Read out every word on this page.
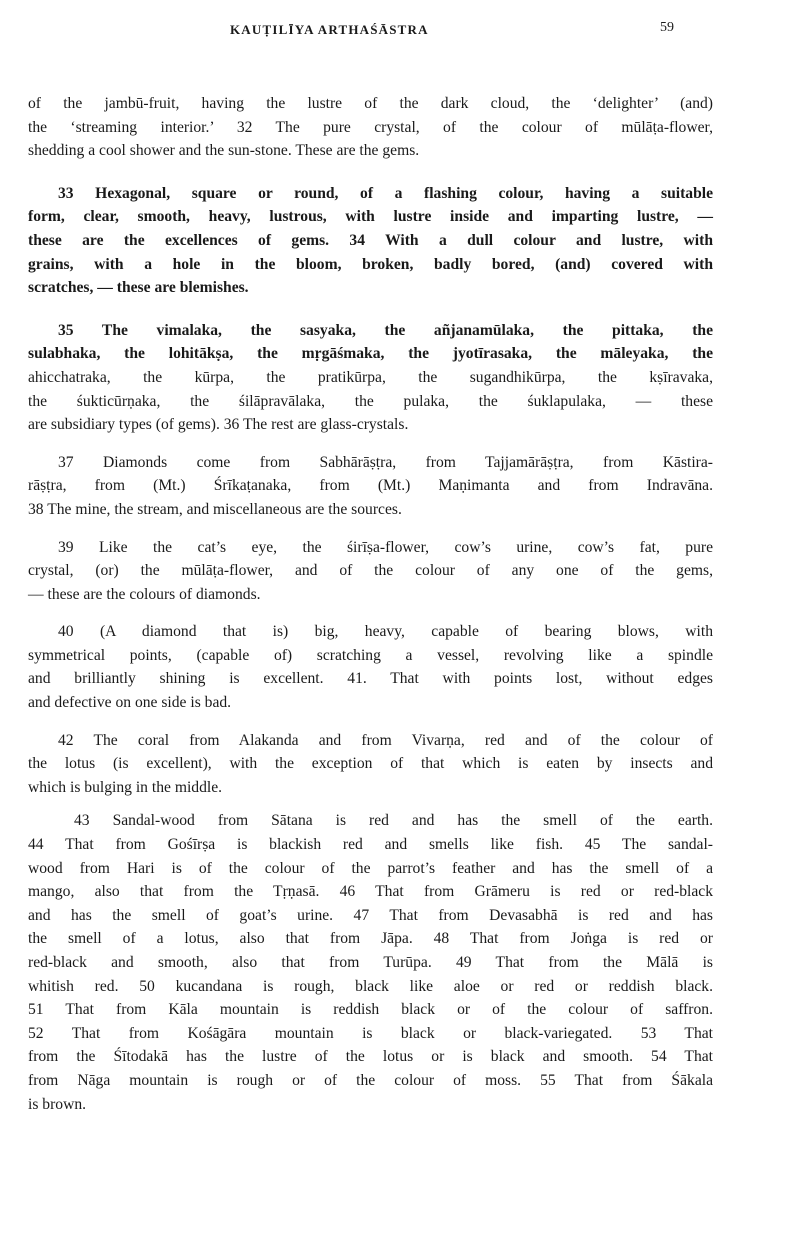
KAUṬILĪYA ARTHAŚĀSTRA	59
of the jambū-fruit, having the lustre of the dark cloud, the ‘delighter’ (and)
the ‘streaming interior.’ 32 The pure crystal, of the colour of mūlāṭa-flower,
shedding a cool shower and the sun-stone. These are the gems.
33 Hexagonal, square or round, of a flashing colour, having a suitable
form, clear, smooth, heavy, lustrous, with lustre inside and imparting lustre, —
these are the excellences of gems. 34 With a dull colour and lustre, with
grains, with a hole in the bloom, broken, badly bored, (and) covered with
scratches, — these are blemishes.
35 The vimalaka, the sasyaka, the añjanamūlaka, the pittaka, the
sulabhaka, the lohitākṣa, the mṛgāśmaka, the jyotīrasaka, the māleyaka, the
ahicchatraka, the kūrpa, the pratikūrpa, the sugandhikūrpa, the kṣīravaka,
the śukticūrṇaka, the śilāpravālaka, the pulaka, the śuklapulaka, — these
are subsidiary types (of gems). 36 The rest are glass-crystals.
37 Diamonds come from Sabhārāṣṭra, from Tajjamārāṣṭra, from Kāstira-
rāṣṭra, from (Mt.) Śrīkaṭanaka, from (Mt.) Maṇimanta and from Indravāna.
38 The mine, the stream, and miscellaneous are the sources.
39 Like the cat’s eye, the śirīṣa-flower, cow’s urine, cow’s fat, pure
crystal, (or) the mūlāṭa-flower, and of the colour of any one of the gems,
— these are the colours of diamonds.
40 (A diamond that is) big, heavy, capable of bearing blows, with
symmetrical points, (capable of) scratching a vessel, revolving like a spindle
and brilliantly shining is excellent. 41. That with points lost, without edges
and defective on one side is bad.
42 The coral from Alakanda and from Vivarṇa, red and of the colour of
the lotus (is excellent), with the exception of that which is eaten by insects and
which is bulging in the middle.
43 Sandal-wood from Sātana is red and has the smell of the earth.
44 That from Gośīrṣa is blackish red and smells like fish. 45 The sandal-
wood from Hari is of the colour of the parrot’s feather and has the smell of a
mango, also that from the Tṛṇasā. 46 That from Grāmeru is red or red-black
and has the smell of goat’s urine. 47 That from Devasabhā is red and has
the smell of a lotus, also that from Jāpa. 48 That from Joṅga is red or
red-black and smooth, also that from Turūpa. 49 That from the Mālā is
whitish red. 50 kucandana is rough, black like aloe or red or reddish black.
51 That from Kāla mountain is reddish black or of the colour of saffron.
52 That from Kośāgāra mountain is black or black-variegated. 53 That
from the Śītodakā has the lustre of the lotus or is black and smooth. 54 That
from Nāga mountain is rough or of the colour of moss. 55 That from Śākala
is brown.
